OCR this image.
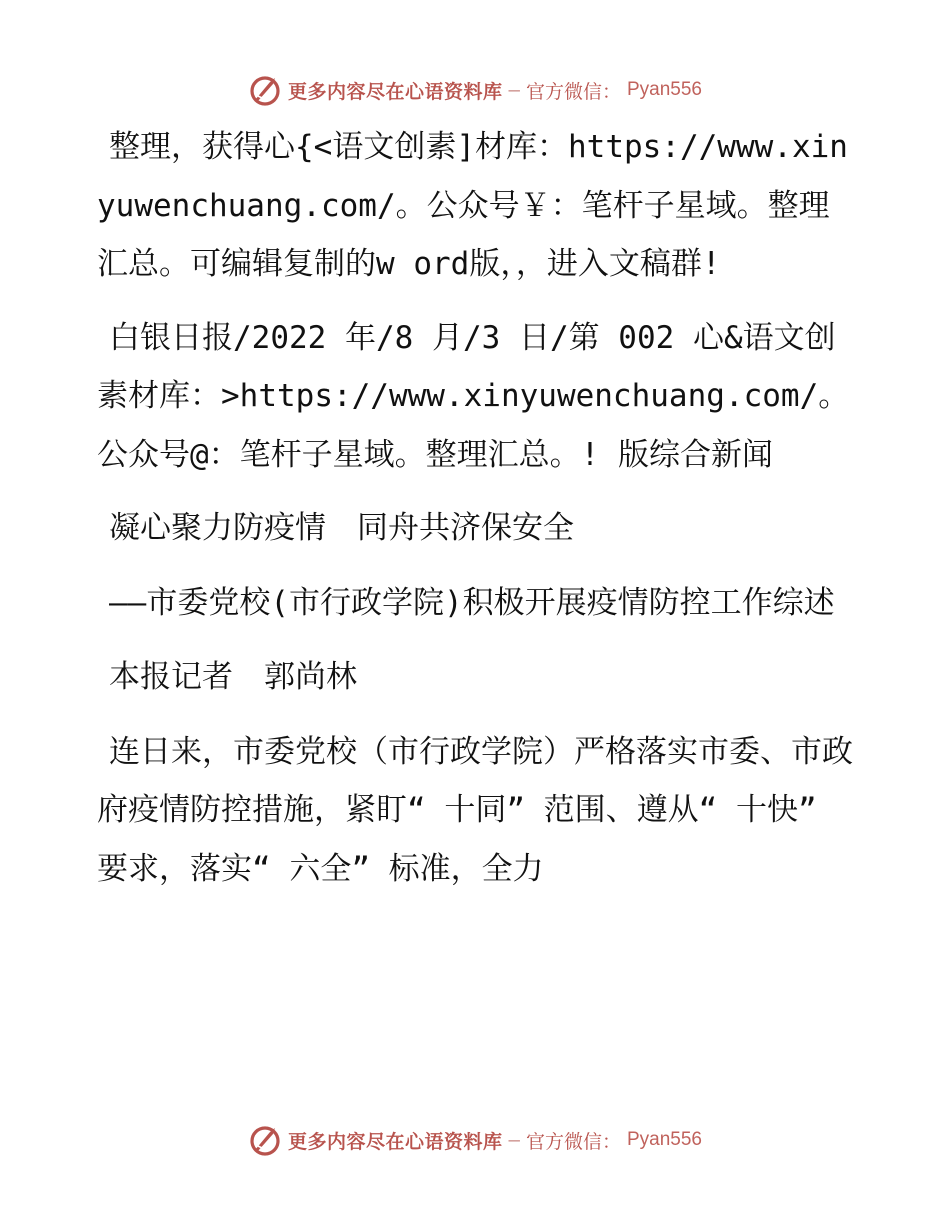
更多内容尽在心语资料库 — 官方微信： Pyan556

整理，获得心{<语文创素]材库：https://www.xinyuwenchuang.com/。公众号￥：笔杆子星域。整理汇总。可编辑复制的w ord版，，进入文稿群!

白银日报/2022 年/8 月/3 日/第 002 心&语文创素材库：>https://www.xinyuwenchuang.com/。公众号@：笔杆子星域。整理汇总。! 版综合新闻

凝心聚力防疫情　同舟共济保安全

——市委党校(市行政学院)积极开展疫情防控工作综述

本报记者　郭尚林

连日来，市委党校（市行政学院）严格落实市委、市政府疫情防控措施，紧盯“ 十同” 范围、遵从“ 十快” 要求，落实“ 六全” 标准，全力

更多内容尽在心语资料库 — 官方微信： Pyan556
